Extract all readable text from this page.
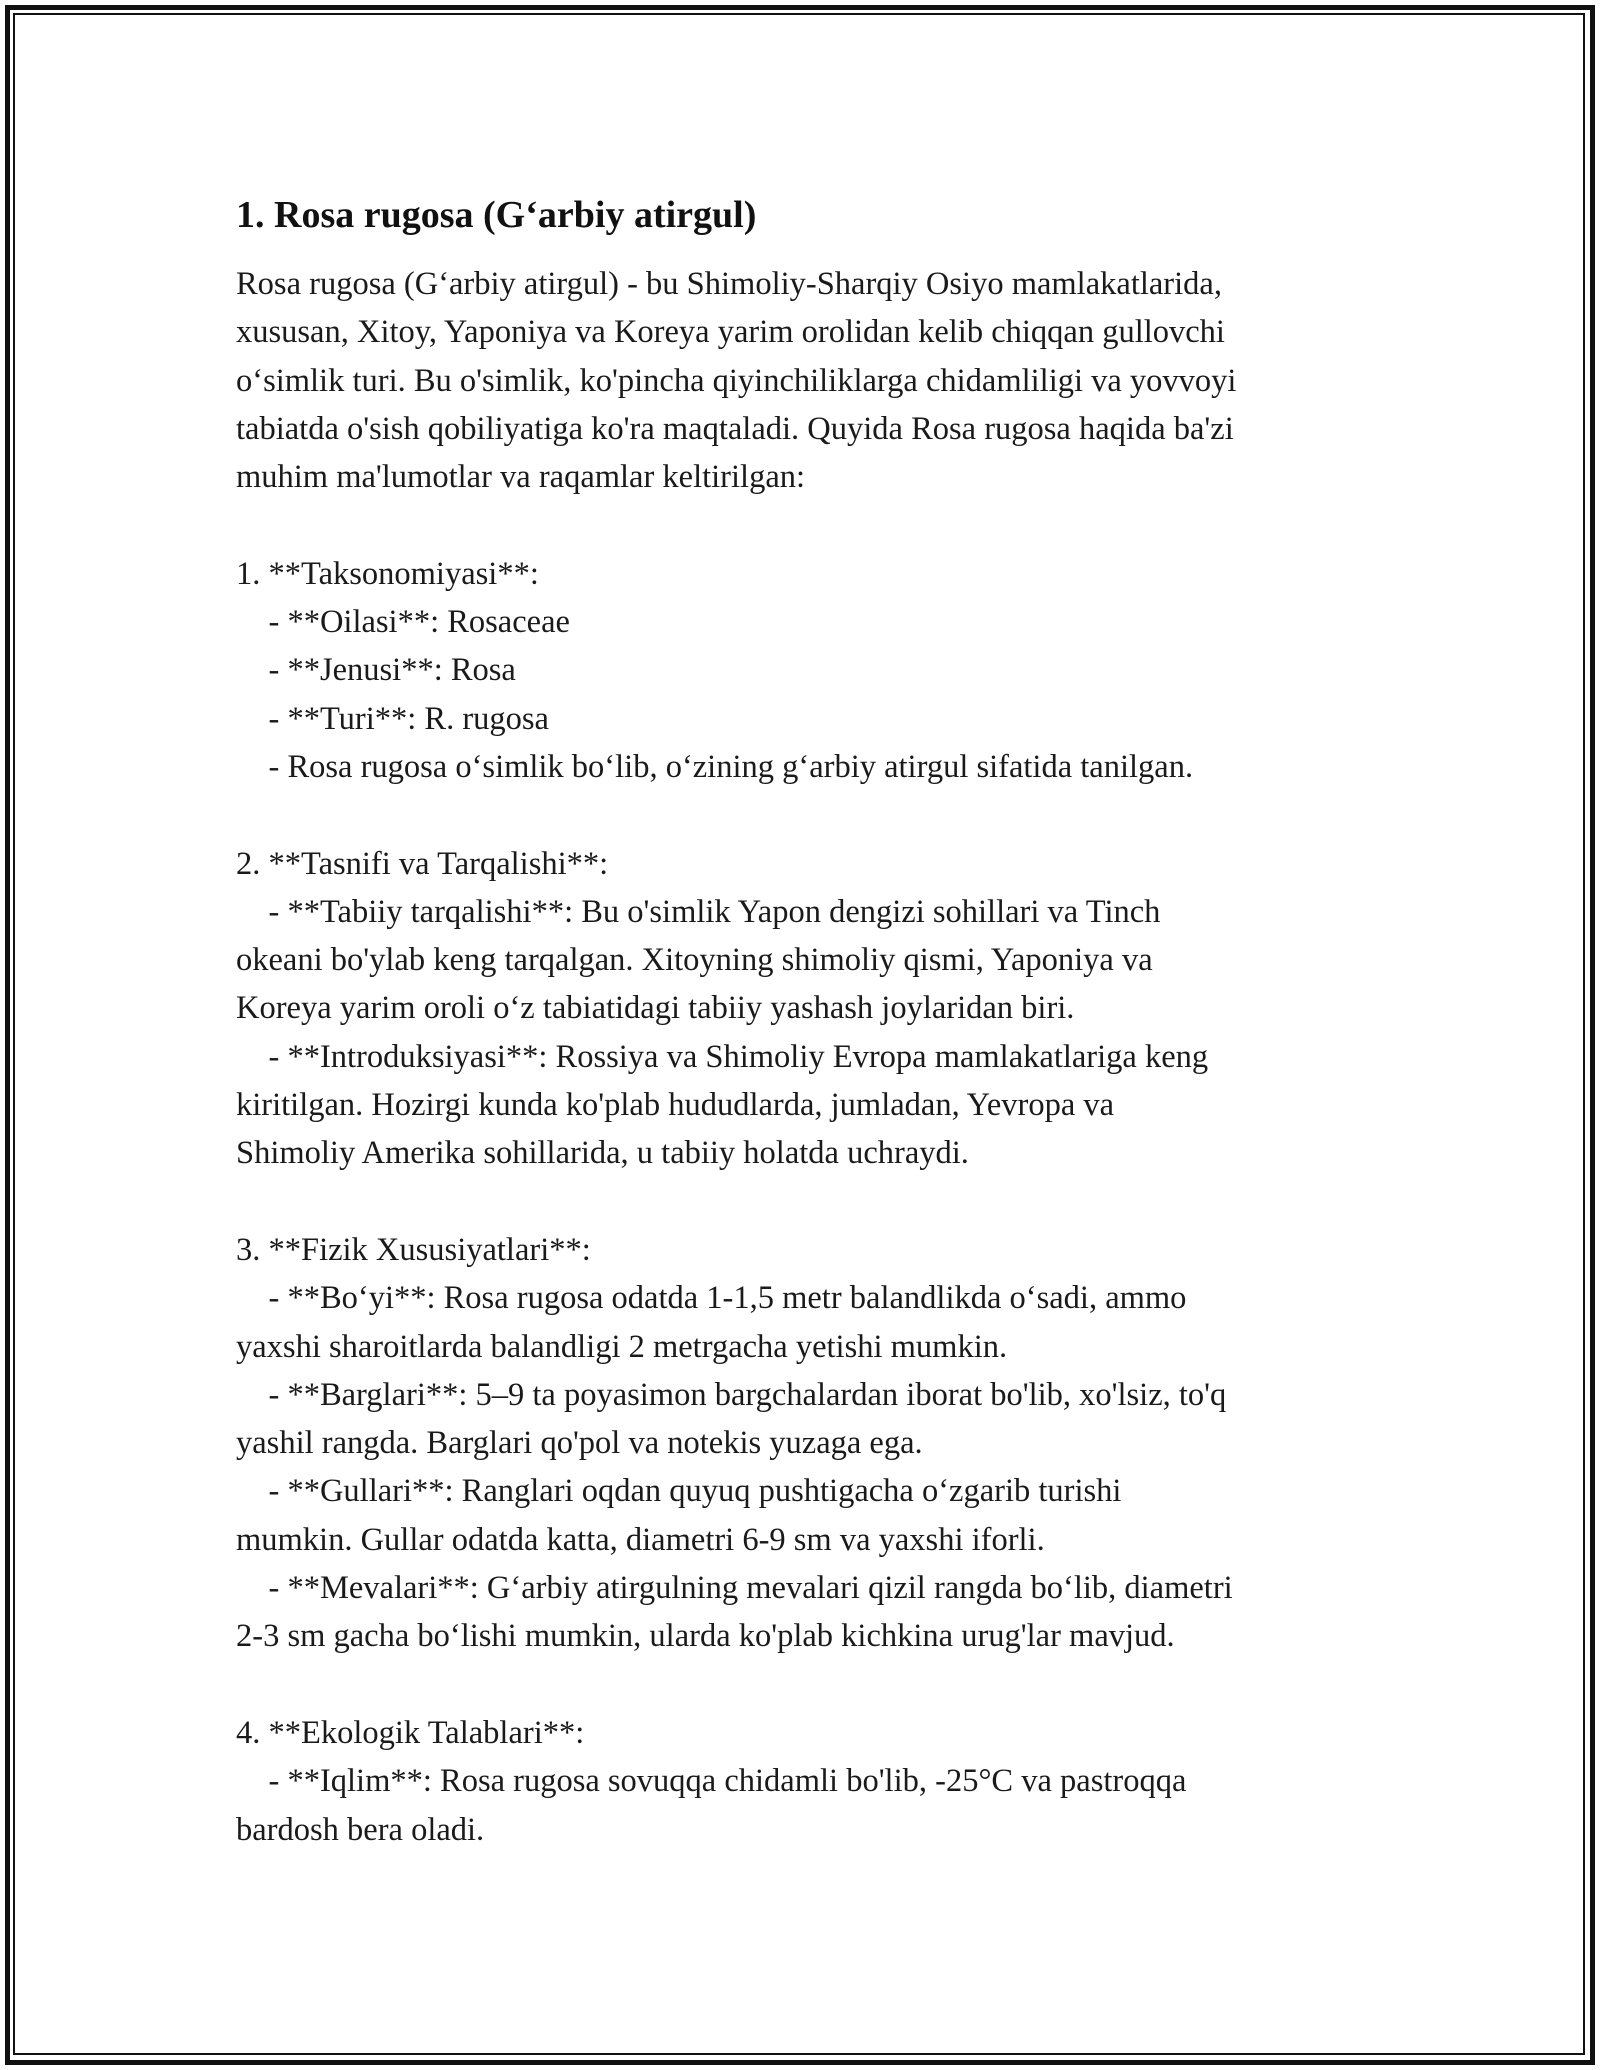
1. Rosa rugosa (G‘arbiy atirgul)
Rosa rugosa (G‘arbiy atirgul) - bu Shimoliy-Sharqiy Osiyo mamlakatlarida,
xususan, Xitoy, Yaponiya va Koreya yarim orolidan kelib chiqqan gullovchi
o‘simlik turi. Bu o'simlik, ko'pincha qiyinchiliklarga chidamliligi va yovvoyi
tabiatda o'sish qobiliyatiga ko'ra maqtaladi. Quyida Rosa rugosa haqida ba'zi
muhim ma'lumotlar va raqamlar keltirilgan:
1. **Taksonomiyasi**:
- **Oilasi**: Rosaceae
- **Jenusi**: Rosa
- **Turi**: R. rugosa
- Rosa rugosa o‘simlik bo‘lib, o‘zining g‘arbiy atirgul sifatida tanilgan.
2. **Tasnifi va Tarqalishi**:
- **Tabiiy tarqalishi**: Bu o'simlik Yapon dengizi sohillari va Tinch
okeani bo'ylab keng tarqalgan. Xitoyning shimoliy qismi, Yaponiya va
Koreya yarim oroli o‘z tabiatidagi tabiiy yashash joylaridan biri.
- **Introduksiyasi**: Rossiya va Shimoliy Evropa mamlakatlariga keng
kiritilgan. Hozirgi kunda ko'plab hududlarda, jumladan, Yevropa va
Shimoliy Amerika sohillarida, u tabiiy holatda uchraydi.
3. **Fizik Xususiyatlari**:
- **Bo‘yi**: Rosa rugosa odatda 1-1,5 metr balandlikda o‘sadi, ammo
yaxshi sharoitlarda balandligi 2 metrgacha yetishi mumkin.
- **Barglari**: 5–9 ta poyasimon bargchalardan iborat bo'lib, xo'lsiz, to'q
yashil rangda. Barglari qo'pol va notekis yuzaga ega.
- **Gullari**: Ranglari oqdan quyuq pushtigacha o‘zgarib turishi
mumkin. Gullar odatda katta, diametri 6-9 sm va yaxshi iforli.
- **Mevalari**: G‘arbiy atirgulning mevalari qizil rangda bo‘lib, diametri
2-3 sm gacha bo‘lishi mumkin, ularda ko'plab kichkina urug'lar mavjud.
4. **Ekologik Talablari**:
- **Iqlim**: Rosa rugosa sovuqqa chidamli bo'lib, -25°C va pastroqqa
bardosh bera oladi.
